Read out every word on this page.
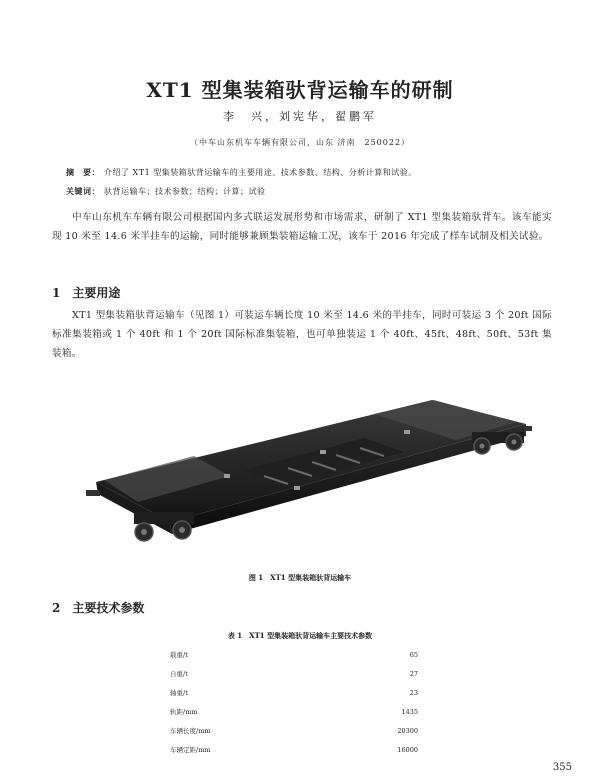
XT1 型集装箱驮背运输车的研制
李　兴，刘宪华，翟鹏军
（中车山东机车车辆有限公司，山东 济南　250022）
摘　要： 介绍了 XT1 型集装箱驮背运输车的主要用途、技术参数、结构、分析计算和试验。
关键词： 驮背运输车；技术参数；结构；计算；试验
中车山东机车车辆有限公司根据国内多式联运发展形势和市场需求，研制了 XT1 型集装箱驮背车。该车能实现 10 米至 14.6 米半挂车的运输，同时能够兼顾集装箱运输工况，该车于 2016 年完成了样车试制及相关试验。
1　主要用途
XT1 型集装箱驮背运输车（见图 1）可装运车辆长度 10 米至 14.6 米的半挂车，同时可装运 3 个 20ft 国际标准集装箱或 1 个 40ft 和 1 个 20ft 国际标准集装箱，也可单独装运 1 个 40ft、45ft、48ft、50ft、53ft 集装箱。
图 1　XT1 型集装箱驮背运输车
2　主要技术参数
表 1　XT1 型集装箱驮背运输车主要技术参数
载重/t	65
自重/t	27
轴重/t	23
轨距/mm	1435
车辆长度/mm	20300
车辆定距/mm	16000
355
